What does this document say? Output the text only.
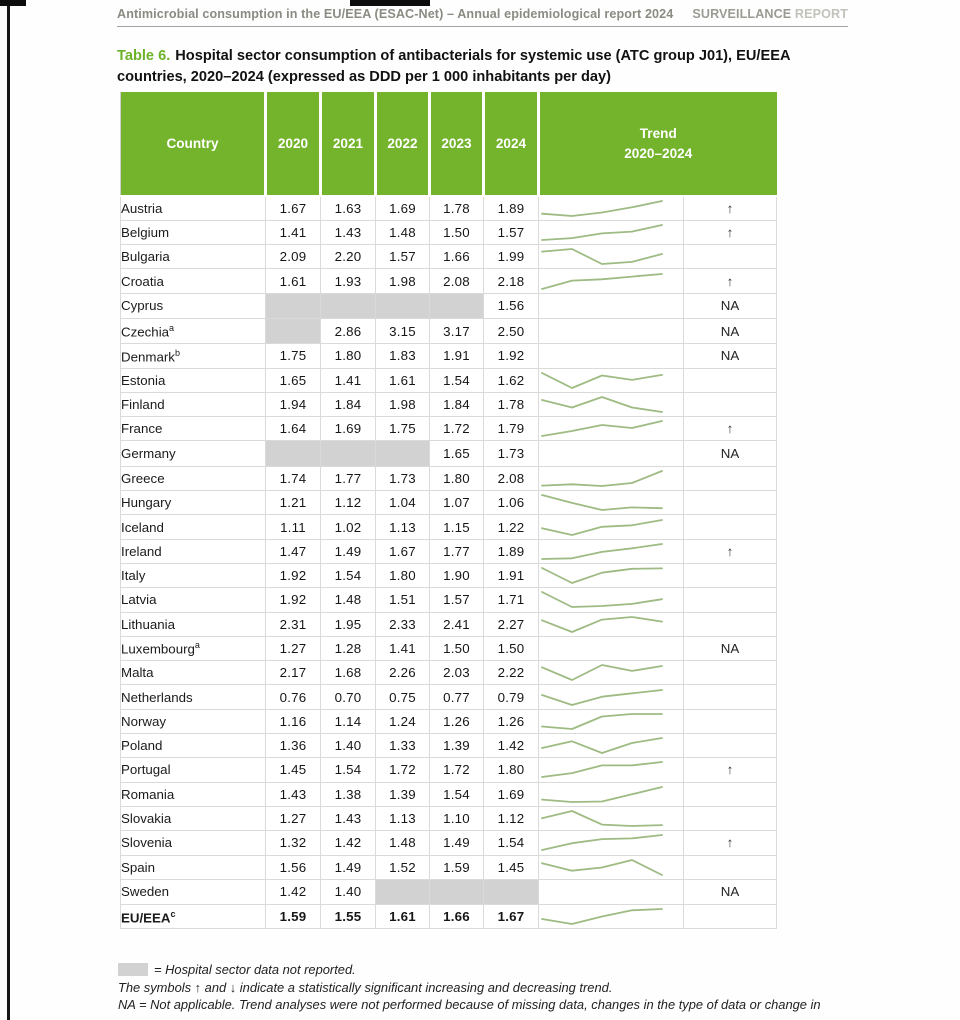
Antimicrobial consumption in the EU/EEA (ESAC-Net) – Annual epidemiological report 2024 SURVEILLANCE REPORT
Table 6. Hospital sector consumption of antibacterials for systemic use (ATC group J01), EU/EEA countries, 2020–2024 (expressed as DDD per 1 000 inhabitants per day)
Country	2020	2021	2022	2023	2024	Trend
2020–2024	

Austria	1.67	1.63	1.69	1.78	1.89		↑
Belgium	1.41	1.43	1.48	1.50	1.57		↑
Bulgaria	2.09	2.20	1.57	1.66	1.99	

Croatia	1.61	1.93	1.98	2.08	2.18		↑
Cyprus					1.56		NA
Czechia$^a$		2.86	3.15	3.17	2.50		NA
Denmark$^b$	1.75	1.80	1.83	1.91	1.92		NA
Estonia	1.65	1.41	1.61	1.54	1.62	

Finland	1.94	1.84	1.98	1.84	1.78	

France	1.64	1.69	1.75	1.72	1.79		↑
Germany				1.65	1.73		NA
Greece	1.74	1.77	1.73	1.80	2.08	

Hungary	1.21	1.12	1.04	1.07	1.06	

Iceland	1.11	1.02	1.13	1.15	1.22	

Ireland	1.47	1.49	1.67	1.77	1.89		↑
Italy	1.92	1.54	1.80	1.90	1.91	

Latvia	1.92	1.48	1.51	1.57	1.71	

Lithuania	2.31	1.95	2.33	2.41	2.27	

Luxembourg$^a$	1.27	1.28	1.41	1.50	1.50		NA
Malta	2.17	1.68	2.26	2.03	2.22	

Netherlands	0.76	0.70	0.75	0.77	0.79	

Norway	1.16	1.14	1.24	1.26	1.26	

Poland	1.36	1.40	1.33	1.39	1.42	

Portugal	1.45	1.54	1.72	1.72	1.80		↑
Romania	1.43	1.38	1.39	1.54	1.69	

Slovakia	1.27	1.43	1.13	1.10	1.12	

Slovenia	1.32	1.42	1.48	1.49	1.54		↑
Spain	1.56	1.49	1.52	1.59	1.45	

Sweden	1.42	1.40					NA
EU/EEA$^c$	1.59	1.55	1.61	1.66	1.67	

= Hospital sector data not reported.
The symbols ↑ and ↓ indicate a statistically significant increasing and decreasing trend.
NA = Not applicable. Trend analyses were not performed because of missing data, changes in the type of data or change in
